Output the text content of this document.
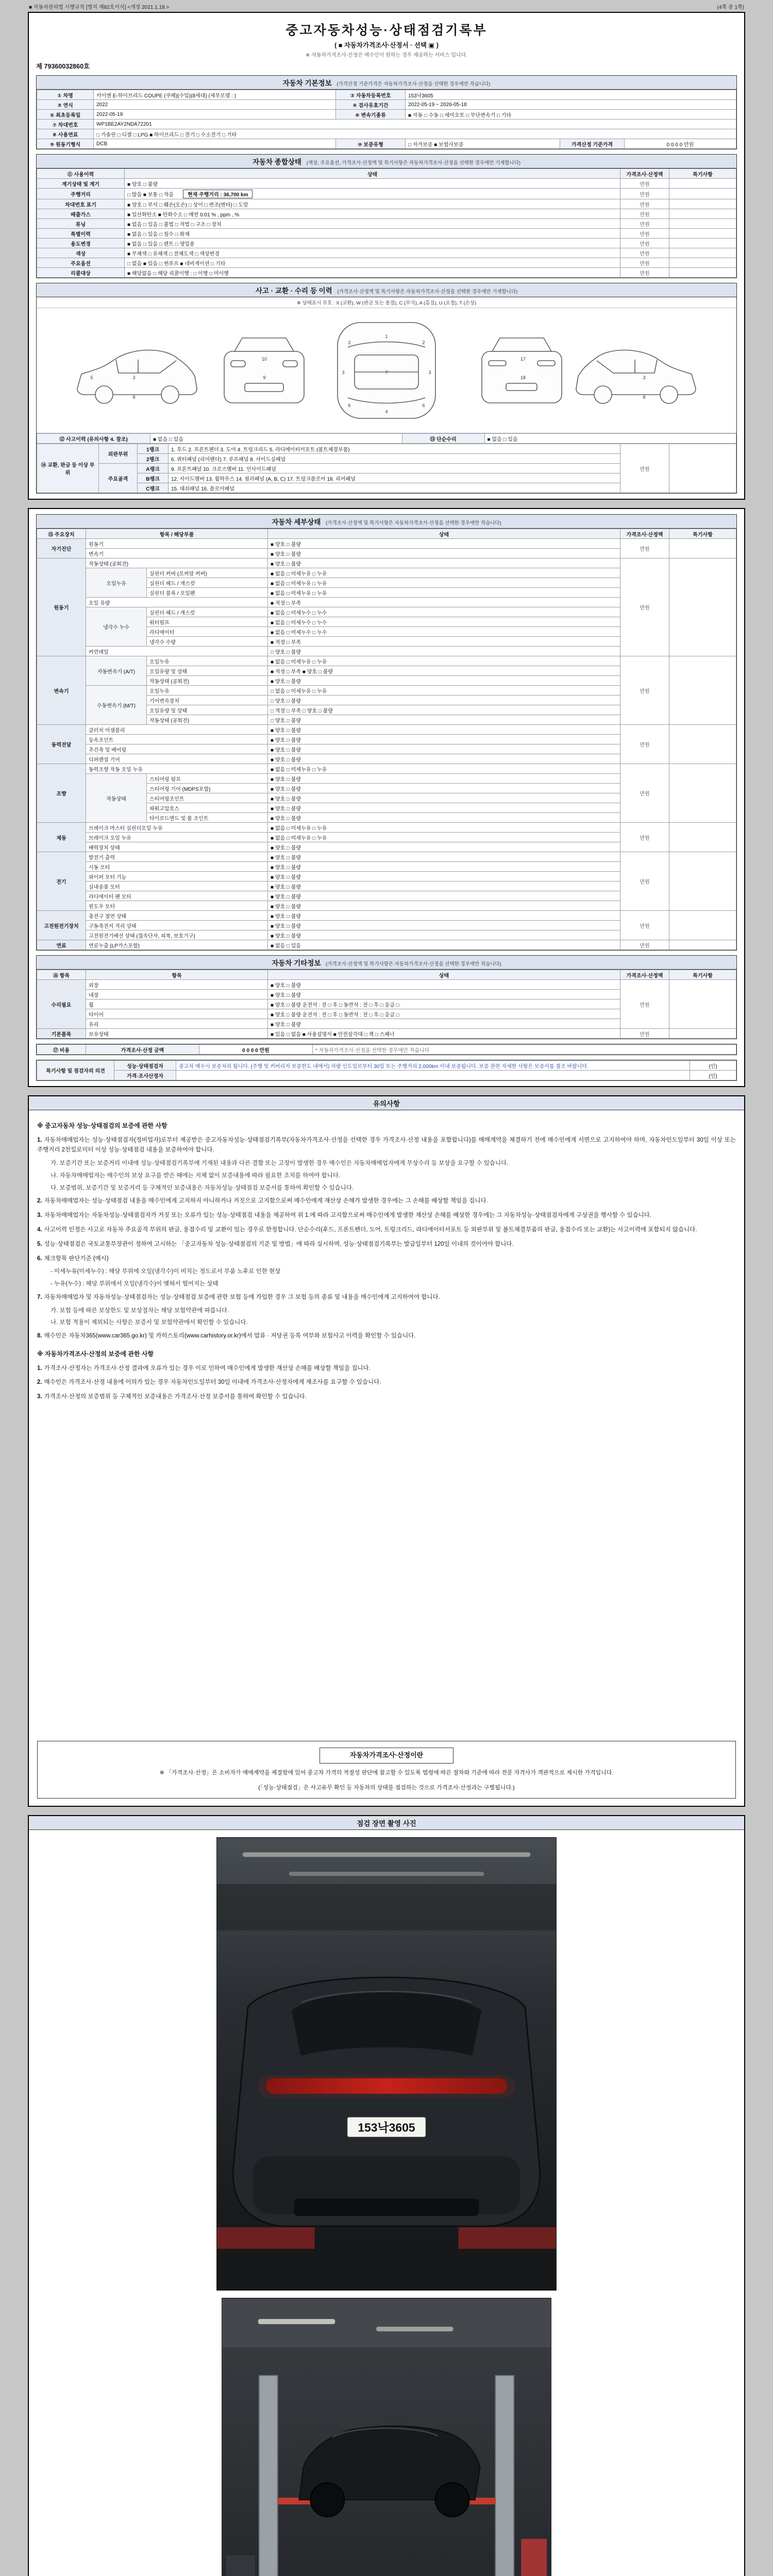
■ 자동차관리법 시행규칙 [별지 제82호서식] <개정 2021.1.19.>	(4쪽 중 1쪽)
중고자동차성능·상태점검기록부
( ■ 자동차가격조사·산정서 · 선택 ▣ )
※ 자동차가격조사·산정은 매수인이 원하는 경우 제공하는 서비스 입니다.
제 79360032860호
자동차 기본정보 (가격산정 기준가격은 자동차가격조사·산정을 선택한 경우에만 적습니다)
① 차명	카이엔 E-하이브리드 COUPE (쿠페)(수입)(8세대) (세부모델 : )	② 자동차등록번호	153낙3605		
③ 연식	2022	④ 검사유효기간	2022-05-19 ~ 2026-05-18		
⑤ 최초등록일	2022-05-19	⑥ 변속기종류	■ 자동 □ 수동 □ 세미오토 □ 무단변속기 □ 기타		
⑦ 차대번호	WP1BE2AY2NDA72201				
⑧ 사용연료	□ 가솔린 □ 디젤 □ LPG ■ 하이브리드 □ 전기 □ 수소전기 □ 기타				
⑨ 원동기형식	DCB	⑩ 보증유형	□ 자가보증 ■ 보험사보증	가격산정 기준가격	0 0 0 0 만원
자동차 종합상태 (색상, 주요옵션, 가격조사·산정액 및 특기사항은 자동차가격조사·산정을 선택한 경우에만 기재합니다)
⑪ 사용이력	상태	가격조사·산정액	특기사항
계기상태 및 계기	■ 양호 □ 불량	만원	
주행거리	□ 많음 ■ 보통 □ 적음 현재 주행거리 : 36,700 km	만원	
차대번호 표기	■ 양호 □ 부식 □ 훼손(오손) □ 상이 □ 변조(변타) □ 도말	만원	
배출가스	■ 일산화탄소 ■ 탄화수소 □ 매연 0.01 % , ppm , %	만원	
튜닝	■ 없음 □ 있음 □ 불법 □ 적법 □ 구조 □ 장치	만원	
특별이력	■ 없음 □ 있음 □ 침수 □ 화재	만원	
용도변경	■ 없음 □ 있음 □ 렌트 □ 영업용	만원	
색상	■ 무채색 □ 유채색 □ 전체도색 □ 색상변경	만원	
주요옵션	□ 없음 ■ 있음 □ 썬루프 ■ 네비게이션 □ 기타	만원	
리콜대상	■ 해당없음 □ 해당 리콜이행 : □ 이행 □ 미이행	만원	
사고 · 교환 · 수리 등 이력 (가격조사·산정액 및 특기사항은 자동차가격조사·산정을 선택한 경우에만 기재합니다)
※ 상태표시 부호 : X (교환), W (판금 또는 용접), C (부식), A (흠집), U (요철), T (손상)
1
2	2
7
3	3
6	6
4
10
9
17
18
3
8
5	3
8
⑫ 사고이력 (유의사항 4. 참조)	■ 없음 □ 있음	⑬ 단순수리	■ 없음 □ 있음
⑭ 교환, 판금 등 이상 부위	외판부위	1랭크	1. 후드 2. 프론트펜더 3. 도어 4. 트렁크리드 5. 라디에이터서포트 (볼트체결부품)	만원	
		2랭크	6. 쿼터패널 (리어펜더) 7. 루프패널 8. 사이드실패널		
	주요골격	A랭크	9. 프론트패널 10. 크로스멤버 11. 인사이드패널		
		B랭크	12. 사이드멤버 13. 휠하우스 14. 필러패널 (A, B, C) 17. 트렁크플로어 18. 리어패널		
		C랭크	15. 대쉬패널 16. 플로어패널		
자동차 세부상태 (가격조사·산정액 및 특기사항은 자동차가격조사·산정을 선택한 경우에만 적습니다)
⑮ 주요장치	항목 / 해당부품		상태	가격조사·산정액	특기사항
자기진단	원동기		■ 양호 □ 불량	만원	
	변속기		■ 양호 □ 불량		
원동기	작동상태 (공회전)		■ 양호 □ 불량	만원	
	오일누유	실린더 커버 (로커암 커버)	■ 없음 □ 미세누유 □ 누유		
		실린더 헤드 / 개스킷	■ 없음 □ 미세누유 □ 누유		
		실린더 블록 / 오일팬	■ 없음 □ 미세누유 □ 누유		
	오일 유량		■ 적정 □ 부족		
	냉각수 누수	실린더 헤드 / 개스킷	■ 없음 □ 미세누수 □ 누수		
		워터펌프	■ 없음 □ 미세누수 □ 누수		
		라디에이터	■ 없음 □ 미세누수 □ 누수		
		냉각수 수량	■ 적정 □ 부족		
	커먼레일		□ 양호 □ 불량		
변속기	자동변속기 (A/T)	오일누유	■ 없음 □ 미세누유 □ 누유	만원	
		오일유량 및 상태	■ 적정 □ 부족 ■ 양호 □ 불량		
		작동상태 (공회전)	■ 양호 □ 불량		
	수동변속기 (M/T)	오일누유	□ 없음 □ 미세누유 □ 누유		
		기어변속장치	□ 양호 □ 불량		
		오일유량 및 상태	□ 적정 □ 부족 □ 양호 □ 불량		
		작동상태 (공회전)	□ 양호 □ 불량		
동력전달	클러치 어셈블리		■ 양호 □ 불량	만원	
	등속조인트		■ 양호 □ 불량		
	추진축 및 베어링		■ 양호 □ 불량		
	디퍼렌셜 기어		■ 양호 □ 불량		
조향	동력조향 작동 오일 누유		■ 없음 □ 미세누유 □ 누유	만원	
	작동상태	스티어링 펌프	■ 양호 □ 불량		
		스티어링 기어 (MDPS포함)	■ 양호 □ 불량		
		스티어링조인트	■ 양호 □ 불량		
		파워고압호스	■ 양호 □ 불량		
		타이로드엔드 및 볼 조인트	■ 양호 □ 불량		
제동	브레이크 마스터 실린더오일 누유		■ 없음 □ 미세누유 □ 누유	만원	
	브레이크 오일 누유		■ 없음 □ 미세누유 □ 누유		
	배력장치 상태		■ 양호 □ 불량		
전기	발전기 출력		■ 양호 □ 불량	만원	
	시동 모터		■ 양호 □ 불량		
	와이퍼 모터 기능		■ 양호 □ 불량		
	실내송풍 모터		■ 양호 □ 불량		
	라디에이터 팬 모터		■ 양호 □ 불량		
	윈도우 모터		■ 양호 □ 불량		
고전원전기장치	충전구 절연 상태		■ 양호 □ 불량	만원	
	구동축전지 격리 상태		■ 양호 □ 불량		
	고전원전기배선 상태 (접속단자, 피복, 보호기구)		■ 양호 □ 불량		
연료	연료누출 (LP가스포함)		■ 없음 □ 있음	만원	
자동차 기타정보 (가격조사·산정액 및 특기사항은 자동차가격조사·산정을 선택한 경우에만 적습니다)
⑯ 항목	항목	상태	가격조사·산정액	특기사항
수리필요	외장	■ 양호 □ 불량	만원	
	내장	■ 양호 □ 불량		
	휠	■ 양호 □ 불량 운전석 : 전 □ 후 □ 동반석 : 전 □ 후 □ 응급 □		
	타이어	■ 양호 □ 불량 운전석 : 전 □ 후 □ 동반석 : 전 □ 후 □ 응급 □		
	유리	■ 양호 □ 불량		
기본품목	보유상태	■ 있음 □ 없음 ■ 사용설명서 ■ 안전삼각대 □ 잭 □ 스패너	만원	
⑰ 비용	가격조사·산정 금액	0 0 0 0 만원	* 자동차가격조사·산정을 선택한 경우에만 적습니다
특기사항 및 점검자의 의견	성능·상태점검자	중고차 매수시 보증처리 됩니다. (주행 및 커버리지 보증한도 내에서) 차량 인도일로부터 30일 또는 주행거리 2,000km 이내 보증됩니다. 보증 관련 자세한 사항은 보증서를 참조 바랍니다.	(인)
	가격·조사산정자		(인)
유의사항
※ 중고자동차 성능·상태점검의 보증에 관한 사항
1. 자동차매매업자는 성능·상태점검자(정비업자)로부터 제공받은 중고자동차성능·상태점검기록부(자동차가격조사·산정을 선택한 경우 가격조사·산정 내용을 포함합니다)를 매매계약을 체결하기 전에 매수인에게 서면으로 고지하여야 하며, 자동차인도일부터 30일 이상 또는 주행거리 2천킬로미터 이상 성능·상태점검 내용을 보증하여야 합니다.
가. 보증기간 또는 보증거리 이내에 성능·상태점검기록부에 기재된 내용과 다른 결함 또는 고장이 발생한 경우 매수인은 자동차매매업자에게 무상수리 등 보상을 요구할 수 있습니다.
나. 자동차매매업자는 매수인의 보상 요구를 받은 때에는 지체 없이 보증내용에 따라 필요한 조치를 하여야 합니다.
다. 보증범위, 보증기간 및 보증거리 등 구체적인 보증내용은 자동차성능·상태점검 보증서를 통하여 확인할 수 있습니다.
2. 자동차매매업자는 성능·상태점검 내용을 매수인에게 고지하지 아니하거나 거짓으로 고지함으로써 매수인에게 재산상 손해가 발생한 경우에는 그 손해를 배상할 책임을 집니다.
3. 자동차매매업자는 자동차성능·상태점검자가 거짓 또는 오류가 있는 성능·상태점검 내용을 제공하여 위 1.에 따라 고지함으로써 매수인에게 발생한 재산상 손해를 배상한 경우에는 그 자동차성능·상태점검자에게 구상권을 행사할 수 있습니다.
4. 사고이력 인정은 사고로 자동차 주요골격 부위의 판금, 용접수리 및 교환이 있는 경우로 한정합니다. 단순수리(후드, 프론트펜더, 도어, 트렁크리드, 라디에이터서포트 등 외판부위 및 볼트체결부품의 판금, 용접수리 또는 교환)는 사고이력에 포함되지 않습니다.
5. 성능·상태점검은 국토교통부장관이 정하여 고시하는 「중고자동차 성능·상태점검의 기준 및 방법」에 따라 실시하며, 성능·상태점검기록부는 발급일부터 120일 이내의 것이어야 합니다.
6. 체크항목 판단기준 (예시)
- 미세누유(미세누수) : 해당 부위에 오일(냉각수)이 비치는 정도로서 부품 노후로 인한 현상
- 누유(누수) : 해당 부위에서 오일(냉각수)이 맺혀서 떨어지는 상태
7. 자동차매매업자 및 자동차성능·상태점검자는 성능·상태점검 보증에 관한 보험 등에 가입한 경우 그 보험 등의 종류 및 내용을 매수인에게 고지하여야 합니다.
가. 보험 등에 따른 보상한도 및 보상절차는 해당 보험약관에 따릅니다.
나. 보험 적용이 제외되는 사항은 보증서 및 보험약관에서 확인할 수 있습니다.
8. 매수인은 자동차365(www.car365.go.kr) 및 카히스토리(www.carhistory.or.kr)에서 압류 · 저당권 등록 여부와 보험사고 이력을 확인할 수 있습니다.
※ 자동차가격조사·산정의 보증에 관한 사항
1. 가격조사·산정자는 가격조사·산정 결과에 오류가 있는 경우 이로 인하여 매수인에게 발생한 재산상 손해를 배상할 책임을 집니다.
2. 매수인은 가격조사·산정 내용에 이의가 있는 경우 자동차인도일부터 30일 이내에 가격조사·산정자에게 재조사를 요구할 수 있습니다.
3. 가격조사·산정의 보증범위 등 구체적인 보증내용은 가격조사·산정 보증서를 통하여 확인할 수 있습니다.
자동차가격조사·산정이란
※ 「가격조사·산정」은 소비자가 매매계약을 체결함에 있어 중고차 가격의 적절성 판단에 참고할 수 있도록 법령에 따른 절차와 기준에 따라 전문 자격사가 객관적으로 제시한 가격입니다.
(「성능·상태점검」은 사고유무 확인 등 자동차의 상태를 점검하는 것으로 가격조사·산정과는 구별됩니다.)
점검 장면 촬영 사진
153낙3605
